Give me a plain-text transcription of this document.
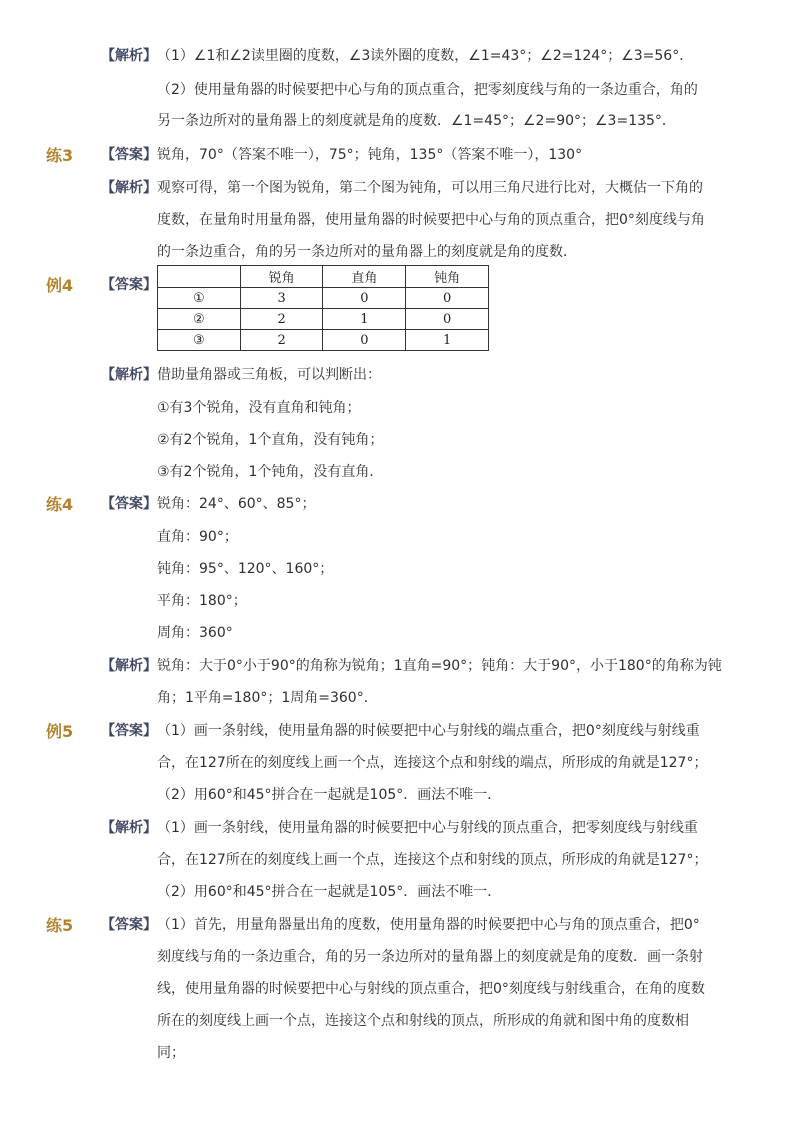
【解析】 （1）∠1和∠2读里圈的度数，∠3读外圈的度数，∠1=43°；∠2=124°；∠3=56°．
（2）使用量角器的时候要把中心与角的顶点重合，把零刻度线与角的一条边重合，角的
另一条边所对的量角器上的刻度就是角的度数．∠1=45°；∠2=90°；∠3=135°．
练3 【答案】 锐角，70°（答案不唯一），75°；钝角，135°（答案不唯一），130°
【解析】 观察可得，第一个图为锐角，第二个图为钝角，可以用三角尺进行比对，大概估一下角的
度数，在量角时用量角器，使用量角器的时候要把中心与角的顶点重合，把0°刻度线与角
的一条边重合，角的另一条边所对的量角器上的刻度就是角的度数．
例4 【答案】
		锐角	直角	钝角
①	3	0	0
②	2	1	0
③	2	0	1
【解析】 借助量角器或三角板，可以判断出：
①有3个锐角，没有直角和钝角；
②有2个锐角，1个直角，没有钝角；
③有2个锐角，1个钝角，没有直角．
练4 【答案】 锐角：24°、60°、85°；
直角：90°；
钝角：95°、120°、160°；
平角：180°；
周角：360°
【解析】 锐角：大于0°小于90°的角称为锐角；1直角=90°；钝角：大于90°，小于180°的角称为钝
角；1平角=180°；1周角=360°．
例5 【答案】 （1）画一条射线，使用量角器的时候要把中心与射线的端点重合，把0°刻度线与射线重
合，在127所在的刻度线上画一个点，连接这个点和射线的端点，所形成的角就是127°；
（2）用60°和45°拼合在一起就是105°．画法不唯一．
【解析】 （1）画一条射线，使用量角器的时候要把中心与射线的顶点重合，把零刻度线与射线重
合，在127所在的刻度线上画一个点，连接这个点和射线的顶点，所形成的角就是127°；
（2）用60°和45°拼合在一起就是105°．画法不唯一．
练5 【答案】 （1）首先，用量角器量出角的度数，使用量角器的时候要把中心与角的顶点重合，把0°
刻度线与角的一条边重合，角的另一条边所对的量角器上的刻度就是角的度数．画一条射
线，使用量角器的时候要把中心与射线的顶点重合，把0°刻度线与射线重合，在角的度数
所在的刻度线上画一个点，连接这个点和射线的顶点，所形成的角就和图中角的度数相
同；
